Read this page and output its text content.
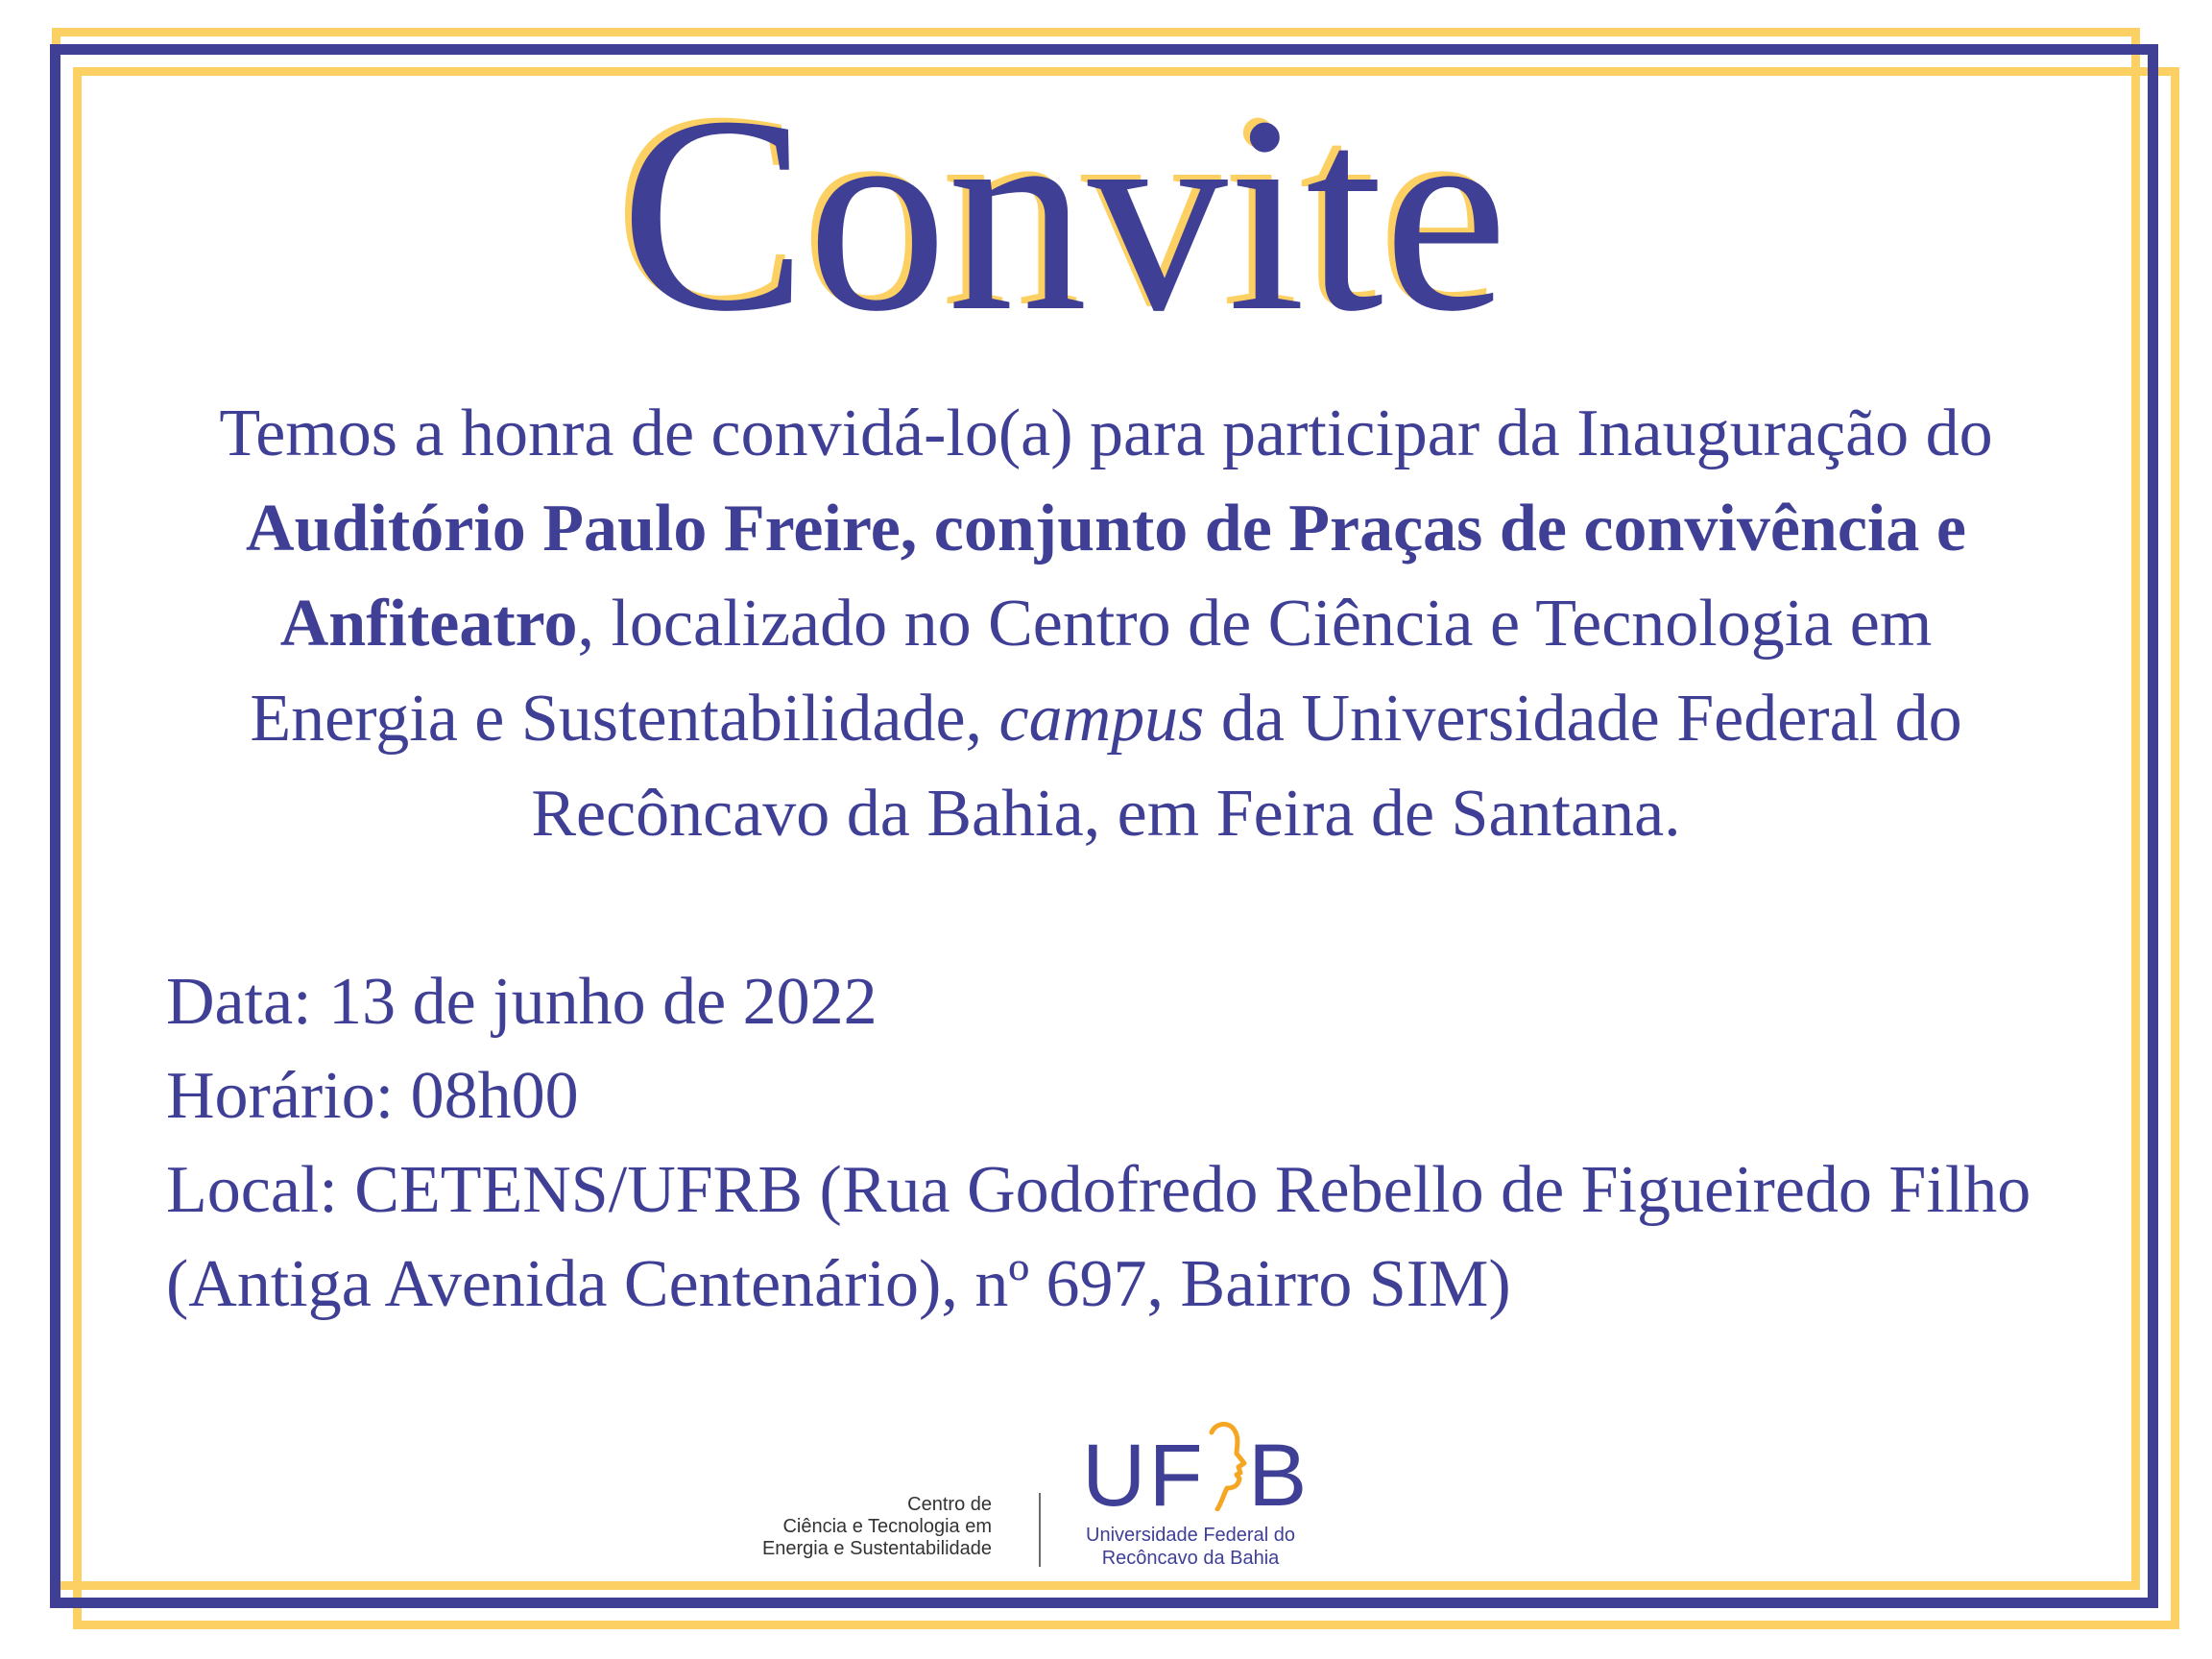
Convite
Temos a honra de convidá-lo(a) para participar da Inauguração do
Auditório Paulo Freire, conjunto de Praças de convivência e
Anfiteatro, localizado no Centro de Ciência e Tecnologia em
Energia e Sustentabilidade, campus da Universidade Federal do
Recôncavo da Bahia, em Feira de Santana.
Data: 13 de junho de 2022
Horário: 08h00
Local: CETENS/UFRB (Rua Godofredo Rebello de Figueiredo Filho
(Antiga Avenida Centenário), nº 697, Bairro SIM)
Centro de
Ciência e Tecnologia em
Energia e Sustentabilidade
UF B
Universidade Federal do
Recôncavo da Bahia
